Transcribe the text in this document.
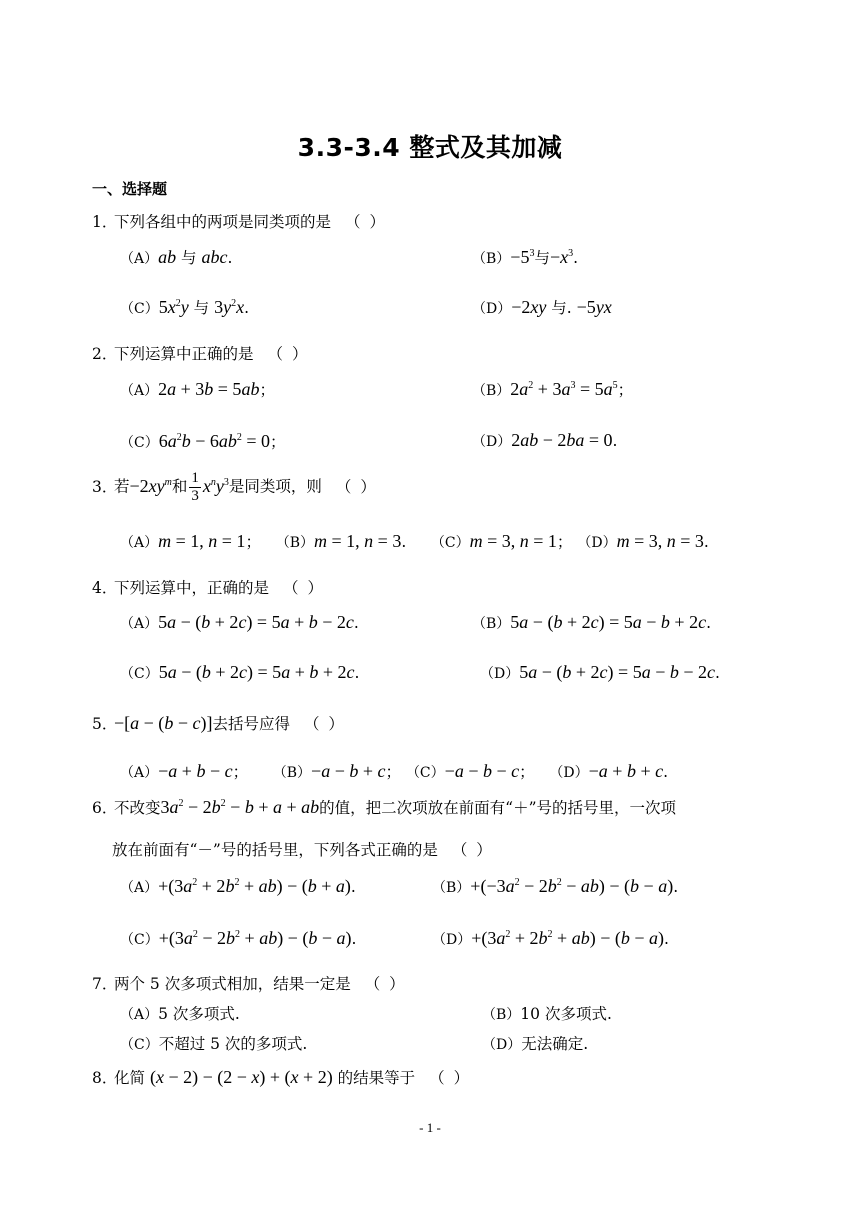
3.3-3.4 整式及其加减
一、选择题
1．下列各组中的两项是同类项的是 （ ）
（A）ab 与 abc.	$(B)-5^3$与$-x^3$.
$(C)5x^2y$ 与 $3y^2x$.	（D）−2xy 与. −5yx
2．下列运算中正确的是 （ ）
（A）2a + 3b = 5ab；	$(B)2a^2 + 3a^3 = 5a^5$；
$(C)6a^2b - 6ab^2 = 0$；	（D）2ab − 2ba = 0.
3．若$-2xy^m$和 $\frac{1}{3} x^ny^3$是同类项，则 （ ）
（A）m = 1, n = 1；   （B）m = 1, n = 3.     （C）m = 3, n = 1； （D）m = 3, n = 3.
4．下列运算中，正确的是 （ ）
（A）5a − (b + 2c) = 5a + b − 2c.	（B）5a − (b + 2c) = 5a − b + 2c.
（C）5a − (b + 2c) = 5a + b + 2c.	（D）5a − (b + 2c) = 5a − b − 2c.
5．−[a − (b − c)]去括号应得 （ ）
（A）−a + b − c；     （B）−a − b + c； （C）−a − b − c；   （D）−a + b + c.
6．不改变$3a^2 - 2b^2 - b + a$ + ab的值，把二次项放在前面有“＋”号的括号里，一次项
放在前面有“－”号的括号里，下列各式正确的是 （ ）
$(A)+(3a^2 + 2b^2 + ab) - (b + a)$.	$(B)+(-3a^2 - 2b^2 - ab) - (b - a)$.
$(C)+(3a^2 - 2b^2 + ab) - (b - a)$.	$(D)+(3a^2 + 2b^2 + ab) - (b - a)$.
7．两个 5 次多项式相加，结果一定是 （ ）
（A）5 次多项式.	（B）10 次多项式.
（C）不超过 5 次的多项式.	（D）无法确定.
8．化简 (x − 2) − (2 − x) + (x + 2) 的结果等于 （ ）
- 1 -
